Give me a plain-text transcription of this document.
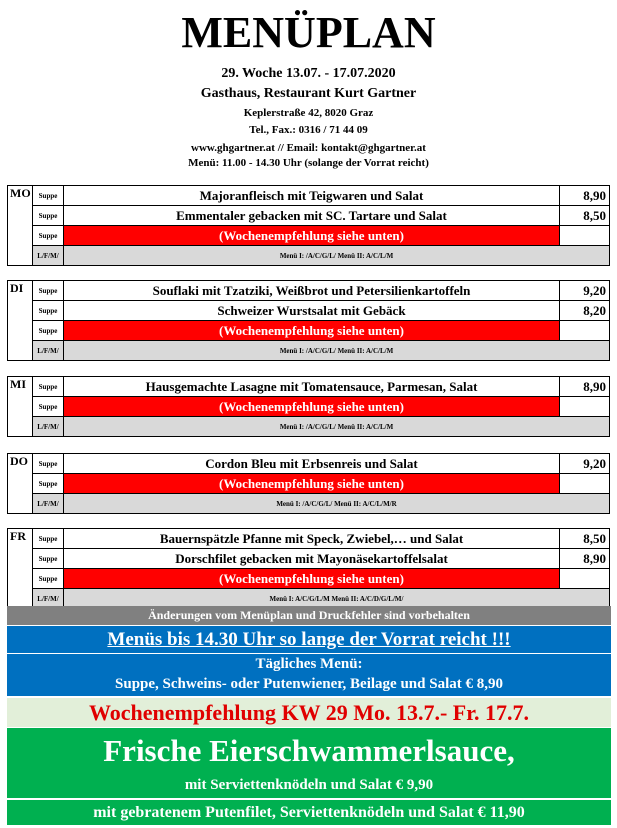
MENÜPLAN
29. Woche 13.07. - 17.07.2020
Gasthaus, Restaurant Kurt Gartner
Keplerstraße 42, 8020 Graz
Tel., Fax.: 0316 / 71 44 09
www.ghgartner.at // Email: kontakt@ghgartner.at
Menü: 11.00 - 14.30 Uhr (solange der Vorrat reicht)
MO	Suppe	Majoranfleisch mit Teigwaren und Salat	8,90
	Suppe	Emmentaler gebacken mit SC. Tartare und Salat	8,50
	Suppe	(Wochenempfehlung siehe unten)	
	L/F/M/	Menü I: /A/C/G/L/ Menü II: A/C/L/M	
DI	Suppe	Souflaki mit Tzatziki, Weißbrot und Petersilienkartoffeln	9,20
	Suppe	Schweizer Wurstsalat mit Gebäck	8,20
	Suppe	(Wochenempfehlung siehe unten)	
	L/F/M/	Menü I: /A/C/G/L/ Menü II: A/C/L/M	
MI	Suppe	Hausgemachte Lasagne mit Tomatensauce, Parmesan, Salat	8,90
	Suppe	(Wochenempfehlung siehe unten)	
	L/F/M/	Menü I: /A/C/G/L/ Menü II: A/C/L/M	
DO	Suppe	Cordon Bleu mit Erbsenreis und Salat	9,20
	Suppe	(Wochenempfehlung siehe unten)	
	L/F/M/	Menü I: /A/C/G/L/ Menü II: A/C/L/M/R	
FR	Suppe	Bauernspätzle Pfanne mit Speck, Zwiebel,… und Salat	8,50
	Suppe	Dorschfilet gebacken mit Mayonäsekartoffelsalat	8,90
	Suppe	(Wochenempfehlung siehe unten)	
	L/F/M/	Menü I: A/C/G/L/M Menü II: A/C/D/G/L/M/	
Änderungen vom Menüplan und Druckfehler sind vorbehalten
Menüs bis 14.30 Uhr so lange der Vorrat reicht !!!
Tägliches Menü:
Suppe, Schweins- oder Putenwiener, Beilage und Salat € 8,90
Wochenempfehlung KW 29 Mo. 13.7.- Fr. 17.7.
Frische Eierschwammerlsauce,
mit Serviettenknödeln und Salat € 9,90
mit gebratenem Putenfilet, Serviettenknödeln und Salat € 11,90
